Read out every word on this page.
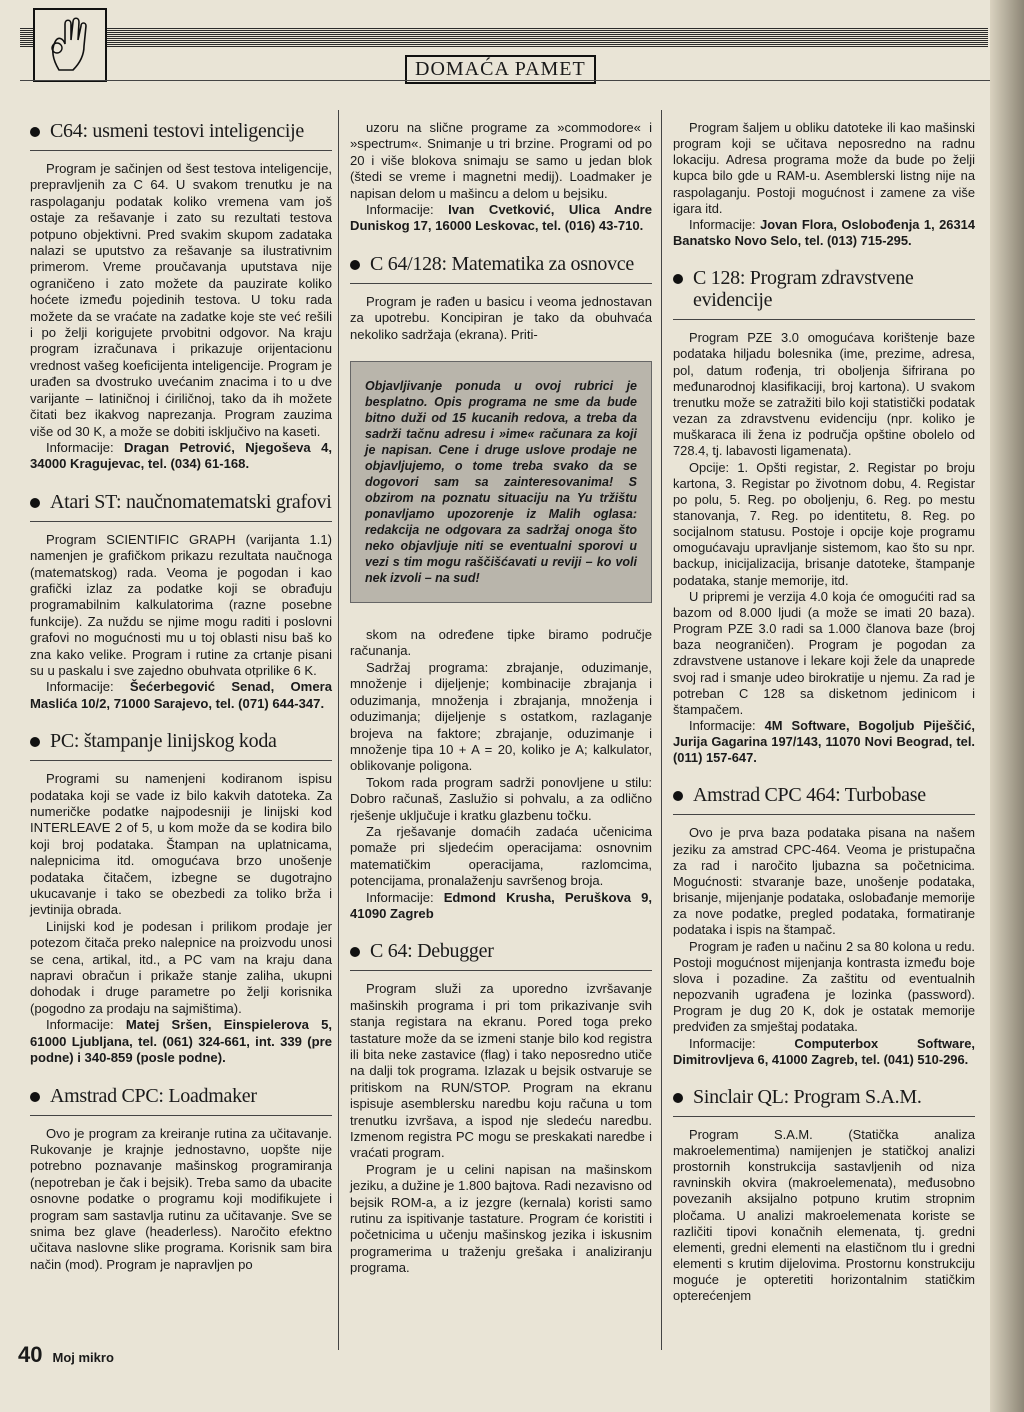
DOMAĆA PAMET
C64: usmeni testovi inteligencije

Program je sačinjen od šest testova inteligencije, prepravljenih za C 64. U svakom trenutku je na raspolaganju podatak koliko vremena vam još ostaje za rešavanje i zato su rezultati testova potpuno objektivni. Pred svakim skupom zadataka nalazi se uputstvo za rešavanje sa ilustrativnim primerom. Vreme proučavanja uputstava nije ograničeno i zato možete da pauzirate koliko hoćete između pojedinih testova. U toku rada možete da se vraćate na zadatke koje ste već rešili i po želji korigujete prvobitni odgovor. Na kraju program izračunava i prikazuje orijentacionu vrednost vašeg koeficijenta inteligencije. Program je urađen sa dvostruko uvećanim znacima i to u dve varijante – latiničnoj i ćiriličnoj, tako da ih možete čitati bez ikakvog naprezanja. Program zauzima više od 30 K, a može se dobiti isključivo na kaseti.

Informacije: Dragan Petrović, Njegoševa 4, 34000 Kragujevac, tel. (034) 61-168.

Atari ST: naučnomatematski grafovi

Program SCIENTIFIC GRAPH (varijanta 1.1) namenjen je grafičkom prikazu rezultata naučnoga (matematskog) rada. Veoma je pogodan i kao grafički izlaz za podatke koji se obrađuju programabilnim kalkulatorima (razne posebne funkcije). Za nuždu se njime mogu raditi i poslovni grafovi no mogućnosti mu u toj oblasti nisu baš ko zna kako velike. Program i rutine za crtanje pisani su u paskalu i sve zajedno obuhvata otprilike 6 K.

Informacije: Šećerbegović Senad, Omera Maslića 10/2, 71000 Sarajevo, tel. (071) 644-347.

PC: štampanje linijskog koda

Programi su namenjeni kodiranom ispisu podataka koji se vade iz bilo kakvih datoteka. Za numeričke podatke najpodesniji je linijski kod INTERLEAVE 2 of 5, u kom može da se kodira bilo koji broj podataka. Štampan na uplatnicama, nalepnicima itd. omogućava brzo unošenje podataka čitačem, izbegne se dugotrajno ukucavanje i tako se obezbedi za toliko brža i jevtinija obrada.

Linijski kod je podesan i prilikom prodaje jer potezom čitača preko nalepnice na proizvodu unosi se cena, artikal, itd., a PC vam na kraju dana napravi obračun i prikaže stanje zaliha, ukupni dohodak i druge parametre po želji korisnika (pogodno za prodaju na sajmištima).

Informacije: Matej Sršen, Einspielerova 5, 61000 Ljubljana, tel. (061) 324-661, int. 339 (pre podne) i 340-859 (posle podne).

Amstrad CPC: Loadmaker

Ovo je program za kreiranje rutina za učitavanje. Rukovanje je krajnje jednostavno, uopšte nije potrebno poznavanje mašinskog programiranja (nepotreban je čak i bejsik). Treba samo da ubacite osnovne podatke o programu koji modifikujete i program sam sastavlja rutinu za učitavanje. Sve se snima bez glave (headerless). Naročito efektno učitava naslovne slike programa. Korisnik sam bira način (mod). Program je napravljen po

uzoru na slične programe za »commodore« i »spectrum«. Snimanje u tri brzine. Programi od po 20 i više blokova snimaju se samo u jedan blok (štedi se vreme i magnetni medij). Loadmaker je napisan delom u mašincu a delom u bejsiku.

Informacije: Ivan Cvetković, Ulica Andre Duniskog 17, 16000 Leskovac, tel. (016) 43-710.

C 64/128: Matematika za osnovce

Program je rađen u basicu i veoma jednostavan za upotrebu. Koncipiran je tako da obuhvaća nekoliko sadržaja (ekrana). Priti-

Objavljivanje ponuda u ovoj rubrici je besplatno. Opis programa ne sme da bude bitno duži od 15 kucanih redova, a treba da sadrži tačnu adresu i »ime« računara za koji je napisan. Cene i druge uslove prodaje ne objavljujemo, o tome treba svako da se dogovori sam sa zainteresovanima! S obzirom na poznatu situaciju na Yu tržištu ponavljamo upozorenje iz Malih oglasa: redakcija ne odgovara za sadržaj onoga što neko objavljuje niti se eventualni sporovi u vezi s tim mogu raščišćavati u reviji – ko voli nek izvoli – na sud!

skom na određene tipke biramo područje računanja.

Sadržaj programa: zbrajanje, oduzimanje, množenje i dijeljenje; kombinacije zbrajanja i oduzimanja, množenja i zbrajanja, množenja i oduzimanja; dijeljenje s ostatkom, razlaganje brojeva na faktore; zbrajanje, oduzimanje i množenje tipa 10 + A = 20, koliko je A; kalkulator, oblikovanje poligona.

Tokom rada program sadrži ponovljene u stilu: Dobro računaš, Zaslužio si pohvalu, a za odlično rješenje uključuje i kratku glazbenu točku.

Za rješavanje domaćih zadaća učenicima pomaže pri sljedećim operacijama: osnovnim matematičkim operacijama, razlomcima, potencijama, pronalaženju savršenog broja.

Informacije: Edmond Krusha, Peruškova 9, 41090 Zagreb

C 64: Debugger

Program služi za uporedno izvršavanje mašinskih programa i pri tom prikazivanje svih stanja registara na ekranu. Pored toga preko tastature može da se izmeni stanje bilo kod registra ili bita neke zastavice (flag) i tako neposredno utiče na dalji tok programa. Izlazak u bejsik ostvaruje se pritiskom na RUN/STOP. Program na ekranu ispisuje asemblersku naredbu koju računa u tom trenutku izvršava, a ispod nje sledeću naredbu. Izmenom registra PC mogu se preskakati naredbe i vraćati program.

Program je u celini napisan na mašinskom jeziku, a dužine je 1.800 bajtova. Radi nezavisno od bejsik ROM-a, a iz jezgre (kernala) koristi samo rutinu za ispitivanje tastature. Program će koristiti i početnicima u učenju mašinskog jezika i iskusnim programerima u traženju grešaka i analiziranju programa.

Program šaljem u obliku datoteke ili kao mašinski program koji se učitava neposredno na radnu lokaciju. Adresa programa može da bude po želji kupca bilo gde u RAM-u. Asemblerski listng nije na raspolaganju. Postoji mogućnost i zamene za više igara itd.

Informacije: Jovan Flora, Oslobođenja 1, 26314 Banatsko Novo Selo, tel. (013) 715-295.

C 128: Program zdravstvene evidencije

Program PZE 3.0 omogućava korištenje baze podataka hiljadu bolesnika (ime, prezime, adresa, pol, datum rođenja, tri oboljenja šifrirana po međunarodnoj klasifikaciji, broj kartona). U svakom trenutku može se zatražiti bilo koji statistički podatak vezan za zdravstvenu evidenciju (npr. koliko je muškaraca ili žena iz područja opštine obolelo od 728.4, tj. labavosti ligamenata).

Opcije: 1. Opšti registar, 2. Registar po broju kartona, 3. Registar po životnom dobu, 4. Registar po polu, 5. Reg. po oboljenju, 6. Reg. po mestu stanovanja, 7. Reg. po identitetu, 8. Reg. po socijalnom statusu. Postoje i opcije koje programu omogućavaju upravljanje sistemom, kao što su npr. backup, inicijalizacija, brisanje datoteke, štampanje podataka, stanje memorije, itd.

U pripremi je verzija 4.0 koja će omogućiti rad sa bazom od 8.000 ljudi (a može se imati 20 baza). Program PZE 3.0 radi sa 1.000 članova baze (broj baza neograničen). Program je pogodan za zdravstvene ustanove i lekare koji žele da unaprede svoj rad i smanje udeo birokratije u njemu. Za rad je potreban C 128 sa disketnom jedinicom i štampačem.

Informacije: 4M Software, Bogoljub Piješčić, Jurija Gagarina 197/143, 11070 Novi Beograd, tel. (011) 157-647.

Amstrad CPC 464: Turbobase

Ovo je prva baza podataka pisana na našem jezіku za amstrad CPC-464. Veoma je pristupačna za rad i naročito ljubazna sa početnicima. Mogućnosti: stvaranje baze, unošenje podataka, brisanje, mijenjanje podataka, oslobađanje memorije za nove podatke, pregled podataka, formatiranje podataka i ispis na štampač.

Program je rađen u načinu 2 sa 80 kolona u redu. Postoji mogućnost mijenjanja kontrasta između boje slova i pozadine. Za zaštitu od eventualnih nepozvanih ugrađena je lozinka (password). Program je dug 20 K, dok je ostatak memorije predviđen za smještaj podataka.

Informacije: Computerbox Software, Dimitrovljeva 6, 41000 Zagreb, tel. (041) 510-296.

Sinclair QL: Program S.A.M.

Program S.A.M. (Statička analiza makroelementima) namijenjen je statičkoj analizi prostornih konstrukcija sastavljenih od niza ravninskih okvira (makroelemenata), međusobno povezanih aksijalno potpuno krutim stropnim pločama. U analizi makroelemenata koriste se različiti tipovi konačnih elemenata, tj. gredni elementi, gredni elementi na elastičnom tlu i gredni elementi s krutim dijelovima. Prostornu konstrukciju moguće je opteretiti horizontalnim statičkim opterećenjem

40 Moj mikro
